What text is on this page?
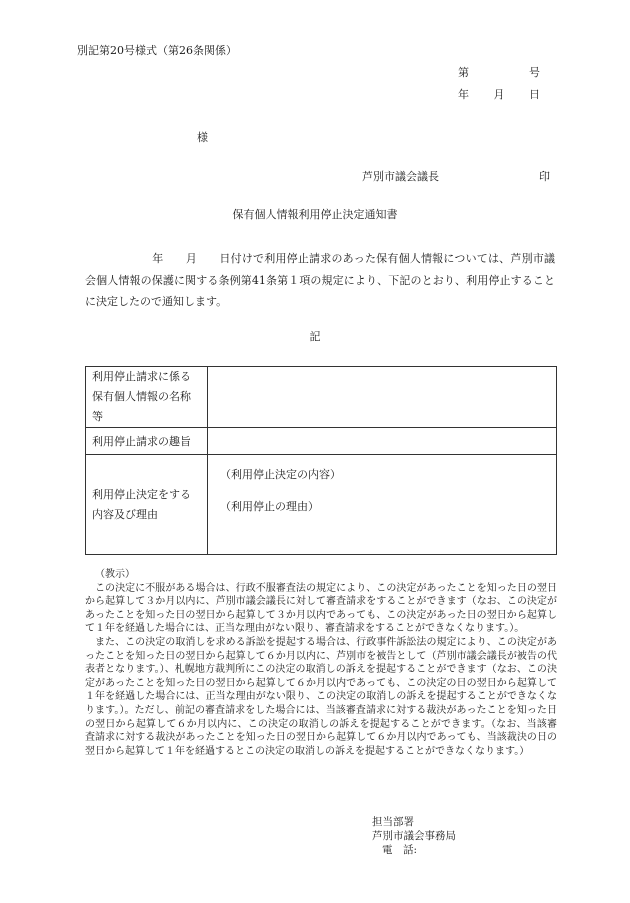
別記第20号様式（第26条関係）
第	号
年 月 日
様
芦別市議会議長	印
保有個人情報利用停止決定通知書
　　　　　　年　　月　　日付けで利用停止請求のあった保有個人情報については、芦別市議会個人情報の保護に関する条例第41条第１項の規定により、下記のとおり、利用停止することに決定したので通知します。
記
利用停止請求に係る保有個人情報の名称等	
利用停止請求の趣旨	
利用停止決定をする内容及び理由	（利用停止決定の内容）
（利用停止の理由）

（教示）

この決定に不服がある場合は、行政不服審査法の規定により、この決定があったことを知った日の翌日から起算して３か月以内に、芦別市議会議長に対して審査請求をすることができます（なお、この決定があったことを知った日の翌日から起算して３か月以内であっても、この決定があった日の翌日から起算して１年を経過した場合には、正当な理由がない限り、審査請求をすることができなくなります。）。

また、この決定の取消しを求める訴訟を提起する場合は、行政事件訴訟法の規定により、この決定があったことを知った日の翌日から起算して６か月以内に、芦別市を被告として（芦別市議会議長が被告の代表者となります。）、札幌地方裁判所にこの決定の取消しの訴えを提起することができます（なお、この決定があったことを知った日の翌日から起算して６か月以内であっても、この決定の日の翌日から起算して１年を経過した場合には、正当な理由がない限り、この決定の取消しの訴えを提起することができなくなります。）。ただし、前記の審査請求をした場合には、当該審査請求に対する裁決があったことを知った日の翌日から起算して６か月以内に、この決定の取消しの訴えを提起することができます。（なお、当該審査請求に対する裁決があったことを知った日の翌日から起算して６か月以内であっても、当該裁決の日の翌日から起算して１年を経過するとこの決定の取消しの訴えを提起することができなくなります。）

担当部署
芦別市議会事務局
電　話:
